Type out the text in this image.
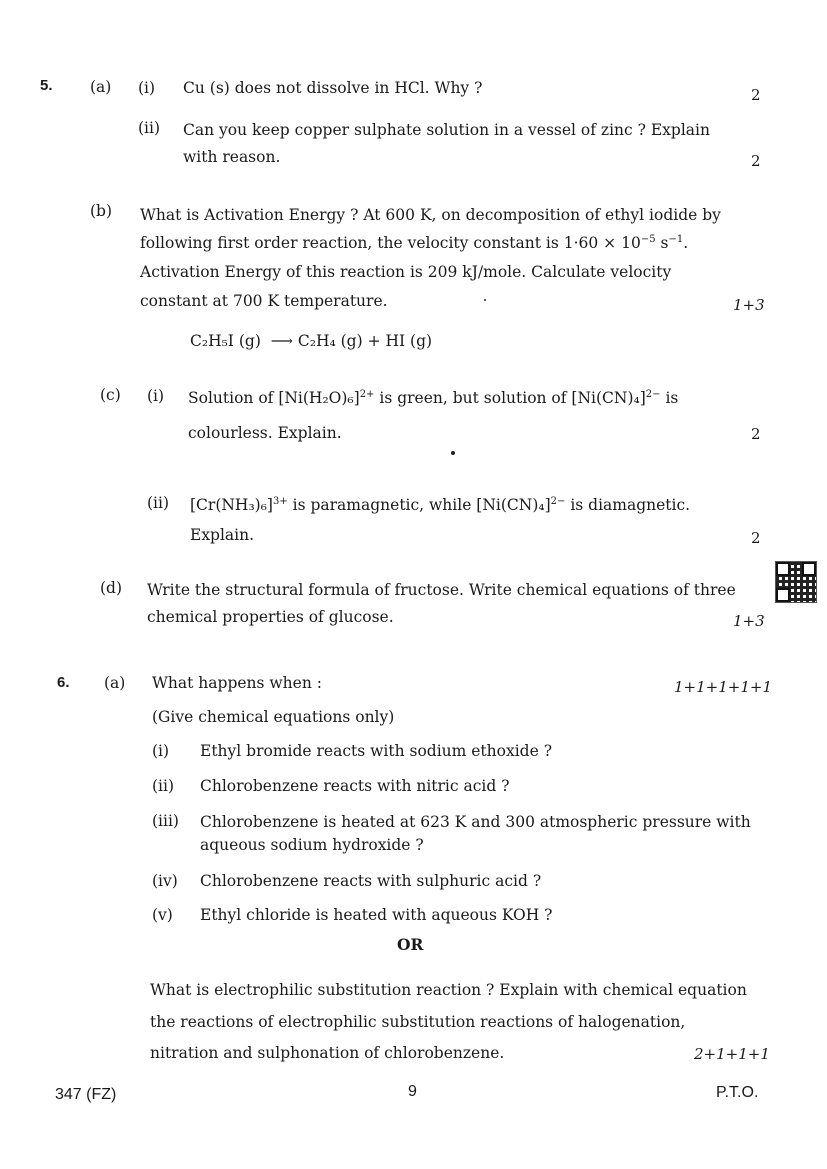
5. (a) (i) Cu (s) does not dissolve in HCl. Why ?	2
(ii) Can you keep copper sulphate solution in a vessel of zinc ? Explain
with reason.	2
(b) What is Activation Energy ? At 600 K, on decomposition of ethyl iodide by
following first order reaction, the velocity constant is $1\cdot 60 \times 10^{-5}$ $s^{-1}$.
Activation Energy of this reaction is 209 kJ/mole. Calculate velocity
constant at 700 K temperature.	1+3
C₂H₅I (g) ⟶ C₂H₄ (g) + HI (g)
(c) (i) Solution of $[Ni(H_2O)_6]^{2+}$ is green, but solution of $[Ni(CN)_4]^{2-}$ is
colourless. Explain.	2
(ii) $[Cr(NH_3)_6]^{3+}$ is paramagnetic, while $[Ni(CN)_4]^{2-}$ is diamagnetic.
Explain.	2
(d) Write the structural formula of fructose. Write chemical equations of three
chemical properties of glucose.	1+3
6. (a) What happens when :	1+1+1+1+1
(Give chemical equations only)
(i) Ethyl bromide reacts with sodium ethoxide ?
(ii) Chlorobenzene reacts with nitric acid ?
(iii) Chlorobenzene is heated at 623 K and 300 atmospheric pressure with
aqueous sodium hydroxide ?
(iv) Chlorobenzene reacts with sulphuric acid ?
(v) Ethyl chloride is heated with aqueous KOH ?
OR
What is electrophilic substitution reaction ? Explain with chemical equation
the reactions of electrophilic substitution reactions of halogenation,
nitration and sulphonation of chlorobenzene.	2+1+1+1
347 (FZ)	9	P.T.O.
